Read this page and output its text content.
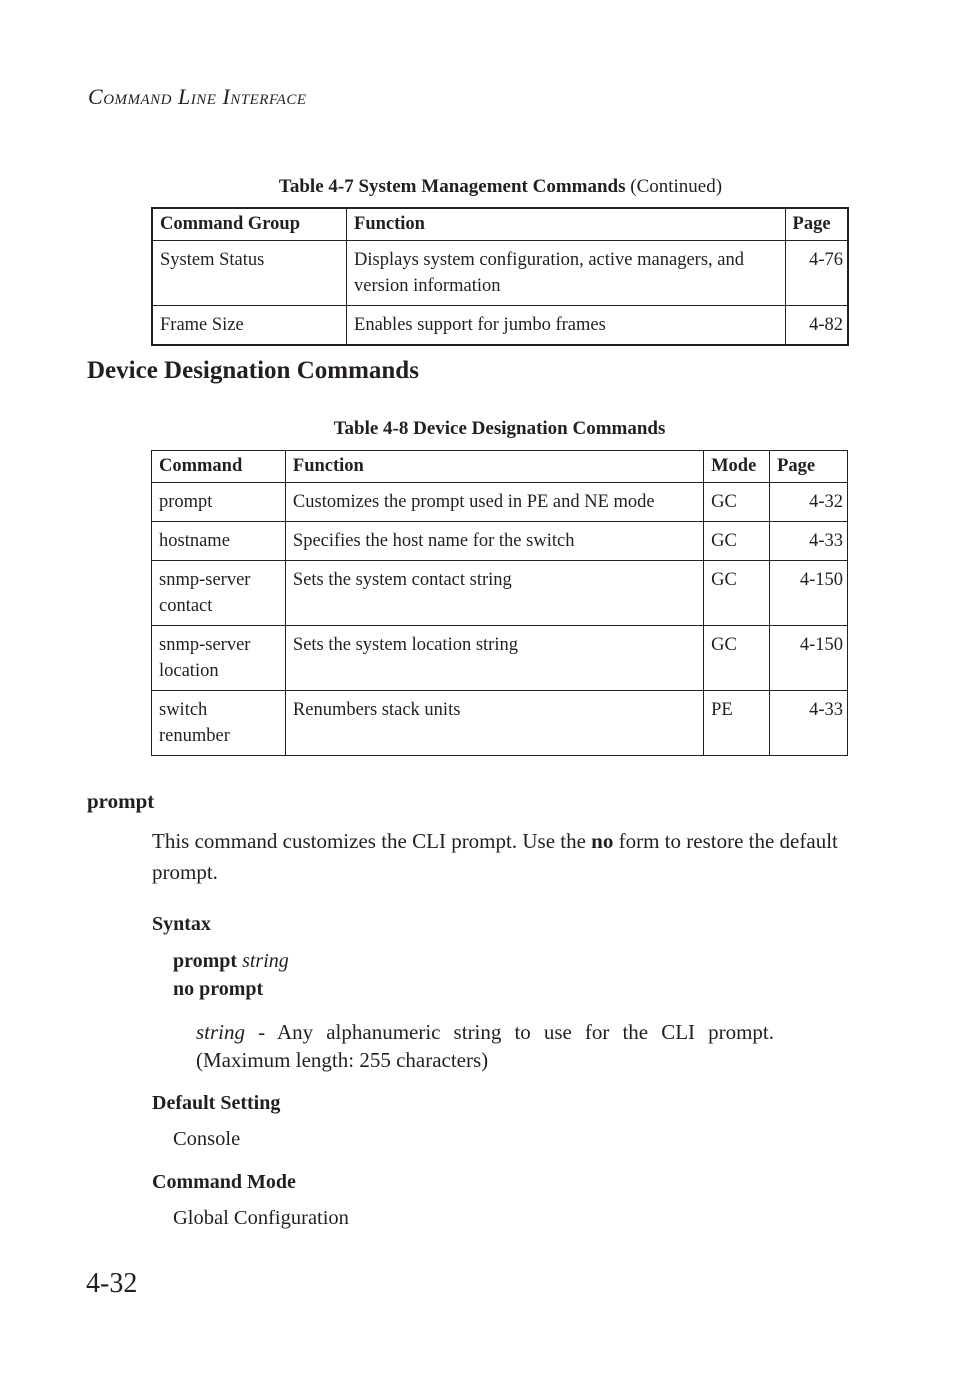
COMMAND LINE INTERFACE
Table 4-7 System Management Commands (Continued)
Command Group	Function	Page
System Status	Displays system configuration, active managers, and version information	4-76
Frame Size	Enables support for jumbo frames	4-82
Device Designation Commands
Table 4-8 Device Designation Commands
Command	Function	Mode	Page
prompt	Customizes the prompt used in PE and NE mode	GC	4-32
hostname	Specifies the host name for the switch	GC	4-33
snmp-server contact	Sets the system contact string	GC	4-150
snmp-server location	Sets the system location string	GC	4-150
switch renumber	Renumbers stack units	PE	4-33
prompt
This command customizes the CLI prompt. Use the no form to restore the default prompt.
Syntax
prompt string
no prompt
string - Any alphanumeric string to use for the CLI prompt. (Maximum length: 255 characters)
Default Setting
Console
Command Mode
Global Configuration
4-32
